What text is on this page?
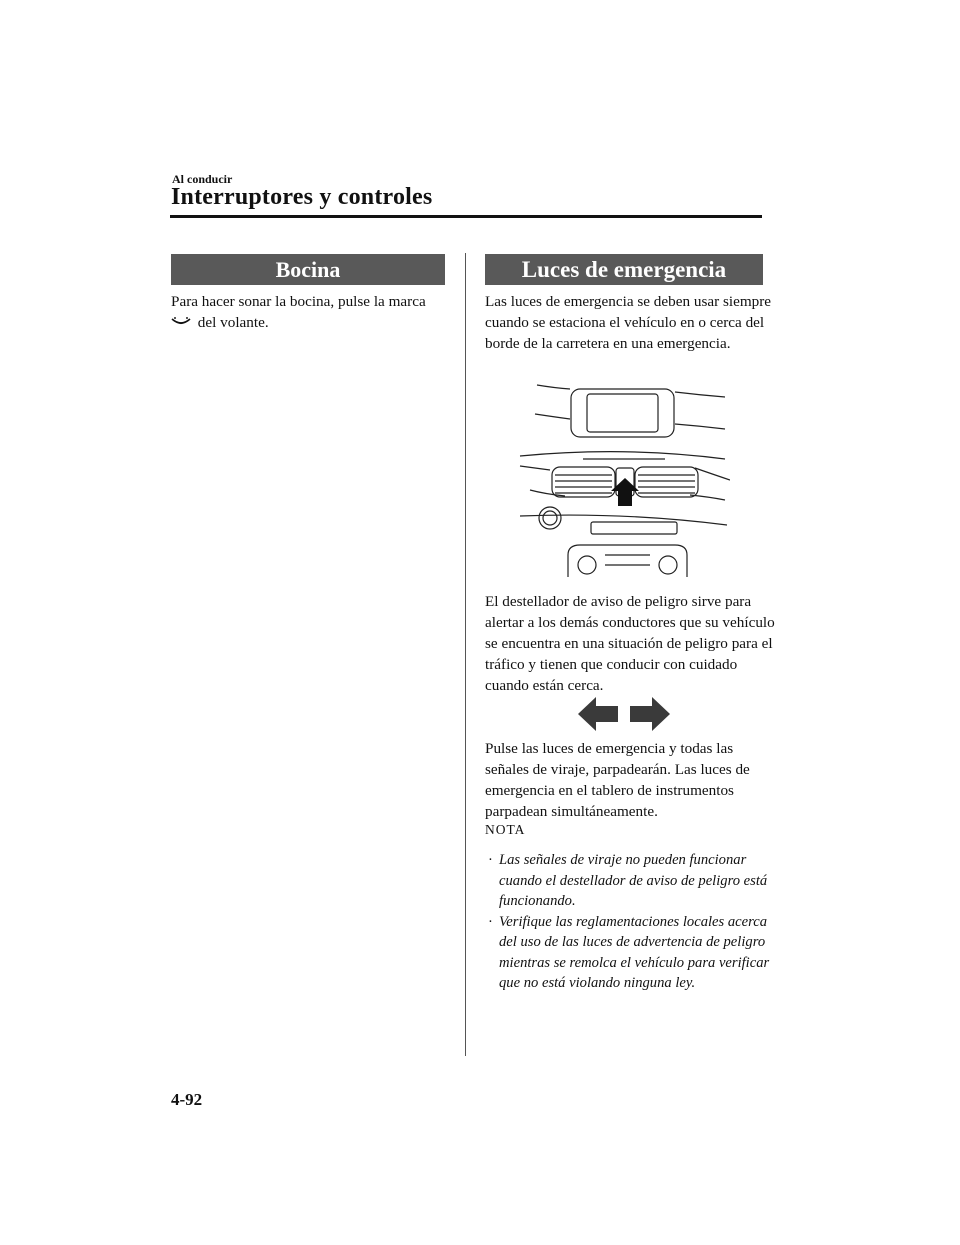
Al conducir
Interruptores y controles
Bocina
Para hacer sonar la bocina, pulse la marca
del volante.
Luces de emergencia
Las luces de emergencia se deben usar siempre cuando se estaciona el vehículo en o cerca del borde de la carretera en una emergencia.
El destellador de aviso de peligro sirve para alertar a los demás conductores que su vehículo se encuentra en una situación de peligro para el tráfico y tienen que conducir con cuidado cuando están cerca.
Pulse las luces de emergencia y todas las señales de viraje, parpadearán. Las luces de emergencia en el tablero de instrumentos parpadean simultáneamente.
NOTA
· Las señales de viraje no pueden funcionar cuando el destellador de aviso de peligro está funcionando.
· Verifique las reglamentaciones locales acerca del uso de las luces de advertencia de peligro mientras se remolca el vehículo para verificar que no está violando ninguna ley.
4-92
